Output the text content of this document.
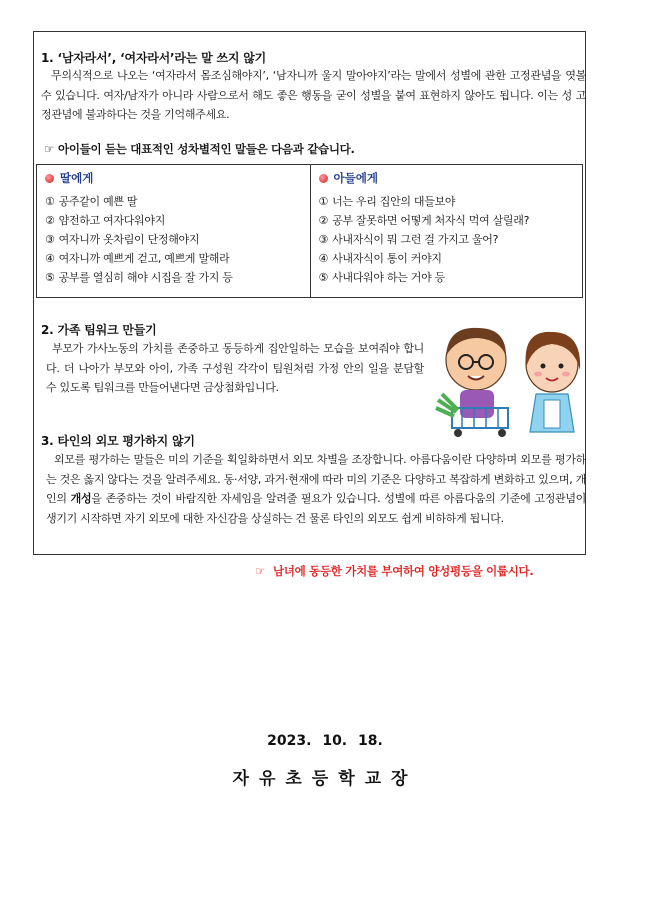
1. ‘남자라서’, ‘여자라서’라는 말 쓰지 않기
무의식적으로 나오는 ‘여자라서 몸조심해야지’, ‘남자니까 울지 말아야지’라는 말에서 성별에 관한 고정관념을 엿볼 수 있습니다. 여자/남자가 아니라 사람으로서 해도 좋은 행동을 굳이 성별을 붙여 표현하지 않아도 됩니다. 이는 성 고정관념에 불과하다는 것을 기억해주세요.
☞ 아이들이 듣는 대표적인 성차별적인 말들은 다음과 같습니다.
딸에게
① 공주같이 예쁜 딸
② 얌전하고 여자다워야지
③ 여자니까 옷차림이 단정해야지
④ 여자니까 예쁘게 걷고, 예쁘게 말해라
⑤ 공부를 열심히 해야 시집을 잘 가지 등
아들에게
① 너는 우리 집안의 대들보야
② 공부 잘못하면 어떻게 처자식 먹여 살릴래?
③ 사내자식이 뭐 그런 걸 가지고 울어?
④ 사내자식이 통이 커야지
⑤ 사내다워야 하는 거야 등
2. 가족 팀워크 만들기
부모가 가사노동의 가치를 존중하고 동등하게 집안일하는 모습을 보여줘야 합니다. 더 나아가 부모와 아이, 가족 구성원 각각이 팀원처럼 가정 안의 일을 분담할 수 있도록 팀워크를 만들어낸다면 금상첨화입니다.
3. 타인의 외모 평가하지 않기
외모를 평가하는 말들은 미의 기준을 획일화하면서 외모 차별을 조장합니다. 아름다움이란 다양하며 외모를 평가하는 것은 옳지 않다는 것을 알려주세요. 동·서양, 과거·현재에 따라 미의 기준은 다양하고 복잡하게 변화하고 있으며, 개인의 개성을 존중하는 것이 바람직한 자세임을 알려줄 필요가 있습니다. 성별에 따른 아름다움의 기준에 고정관념이 생기기 시작하면 자기 외모에 대한 자신감을 상실하는 건 물론 타인의 외모도 쉽게 비하하게 됩니다.
☞ 남녀에 동등한 가치를 부여하여 양성평등을 이룹시다.
2023. 10. 18.
자유초등학교장
